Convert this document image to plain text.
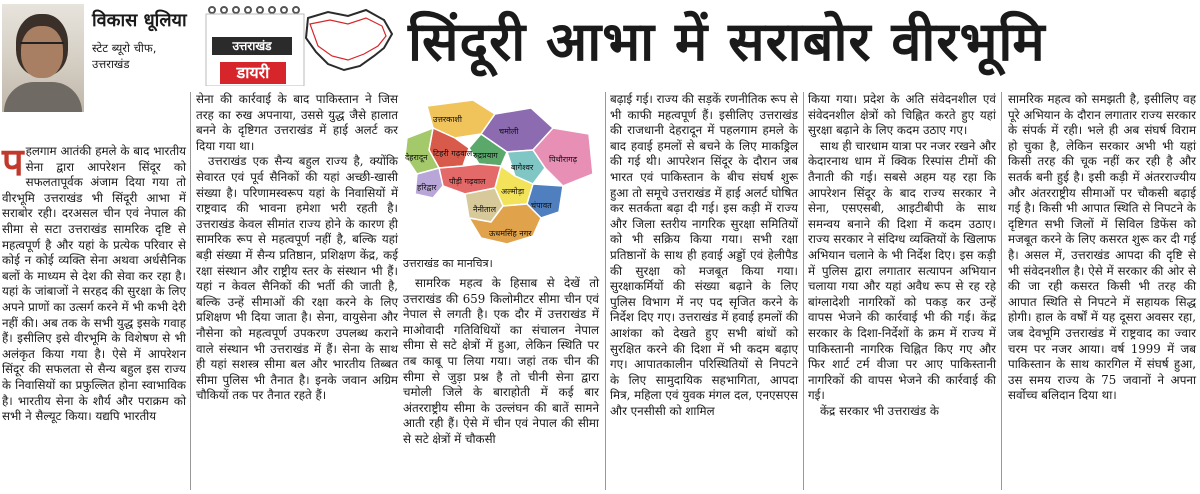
विकास धूलिया
स्टेट ब्यूरो चीफ,
उत्तराखंड
उत्तराखंड
डायरी	सिंदूरी आभा में सराबोर वीरभूमि
प हलगाम आतंकी हमले के बाद भारतीय सेना द्वारा आपरेशन सिंदूर को सफलतापूर्वक अंजाम दिया गया तो वीरभूमि उत्तराखंड भी सिंदूरी आभा में सराबोर रही। दरअसल चीन एवं नेपाल की सीमा से सटा उत्तराखंड सामरिक दृष्टि से महत्वपूर्ण है और यहां के प्रत्येक परिवार से कोई न कोई व्यक्ति सेना अथवा अर्धसैनिक बलों के माध्यम से देश की सेवा कर रहा है। यहां के जांबाजों ने सरहद की सुरक्षा के लिए अपने प्राणों का उत्सर्ग करने में भी कभी देरी नहीं की। अब तक के सभी युद्ध इसके गवाह हैं। इसीलिए इसे वीरभूमि के विशेषण से भी अलंकृत किया गया है। ऐसे में आपरेशन सिंदूर की सफलता से सैन्य बहुल इस राज्य के निवासियों का प्रफुल्लित होना स्वाभाविक है। भारतीय सेना के शौर्य और पराक्रम को सभी ने सैल्यूट किया। यद्यपि भारतीय

सेना की कार्रवाई के बाद पाकिस्तान ने जिस तरह का रुख अपनाया, उससे युद्ध जैसे हालात बनने के दृष्टिगत उत्तराखंड में हाई अलर्ट कर दिया गया था।

उत्तराखंड एक सैन्य बहुल राज्य है, क्योंकि सेवारत एवं पूर्व सैनिकों की यहां अच्छी-खासी संख्या है। परिणामस्वरूप यहां के निवासियों में राष्ट्रवाद की भावना हमेशा भरी रहती है। उत्तराखंड केवल सीमांत राज्य होने के कारण ही सामरिक रूप से महत्वपूर्ण नहीं है, बल्कि यहां बड़ी संख्या में सैन्य प्रतिष्ठान, प्रशिक्षण केंद्र, कई रक्षा संस्थान और राष्ट्रीय स्तर के संस्थान भी हैं। यहां न केवल सैनिकों की भर्ती की जाती है, बल्कि उन्हें सीमाओं की रक्षा करने के लिए प्रशिक्षण भी दिया जाता है। सेना, वायुसेना और नौसेना को महत्वपूर्ण उपकरण उपलब्ध कराने वाले संस्थान भी उत्तराखंड में हैं। सेना के साथ ही यहां सशस्त्र सीमा बल और भारतीय तिब्बत सीमा पुलिस भी तैनात है। इनके जवान अग्रिम चौकियों तक पर तैनात रहते हैं।

उत्तरकाशी
चमोली
पिथौरागढ़
बागेश्वर
रुद्रप्रयाग
टिहरी गढ़वाल
देहरादून
पौड़ी गढ़वाल
अल्मोड़ा
हरिद्वार
नैनीताल	चंपावत
ऊधमसिंह नगर
उत्तराखंड का मानचित्र।

सामरिक महत्व के हिसाब से देखें तो उत्तराखंड की 659 किलोमीटर सीमा चीन एवं नेपाल से लगती है। एक दौर में उत्तराखंड में माओवादी गतिविधियों का संचालन नेपाल सीमा से सटे क्षेत्रों में हुआ, लेकिन स्थिति पर तब काबू पा लिया गया। जहां तक चीन की सीमा से जुड़ा प्रश्न है तो चीनी सेना द्वारा चमोली जिले के बाराहोती में कई बार अंतरराष्ट्रीय सीमा के उल्लंघन की बातें सामने आती रही हैं। ऐसे में चीन एवं नेपाल की सीमा से सटे क्षेत्रों में चौकसी

बढ़ाई गई। राज्य की सड़कें रणनीतिक रूप से भी काफी महत्वपूर्ण हैं। इसीलिए उत्तराखंड की राजधानी देहरादून में पहलगाम हमले के बाद हवाई हमलों से बचने के लिए माकड्रिल की गई थी। आपरेशन सिंदूर के दौरान जब भारत एवं पाकिस्तान के बीच संघर्ष शुरू हुआ तो समूचे उत्तराखंड में हाई अलर्ट घोषित कर सतर्कता बढ़ा दी गई। इस कड़ी में राज्य और जिला स्तरीय नागरिक सुरक्षा समितियों को भी सक्रिय किया गया। सभी रक्षा प्रतिष्ठानों के साथ ही हवाई अड्डों एवं हेलीपैड की सुरक्षा को मजबूत किया गया। सुरक्षाकर्मियों की संख्या बढ़ाने के लिए पुलिस विभाग में नए पद सृजित करने के निर्देश दिए गए। उत्तराखंड में हवाई हमलों की आशंका को देखते हुए सभी बांधों को सुरक्षित करने की दिशा में भी कदम बढ़ाए गए। आपातकालीन परिस्थितियों से निपटने के लिए सामुदायिक सहभागिता, आपदा मित्र, महिला एवं युवक मंगल दल, एनएसएस और एनसीसी को शामिल

किया गया। प्रदेश के अति संवेदनशील एवं संवेदनशील क्षेत्रों को चिह्नित करते हुए यहां सुरक्षा बढ़ाने के लिए कदम उठाए गए।

साथ ही चारधाम यात्रा पर नजर रखने और केदारनाथ धाम में क्विक रिस्पांस टीमों की तैनाती की गई। सबसे अहम यह रहा कि आपरेशन सिंदूर के बाद राज्य सरकार ने सेना, एसएसबी, आइटीबीपी के साथ समन्वय बनाने की दिशा में कदम उठाए। राज्य सरकार ने संदिग्ध व्यक्तियों के खिलाफ अभियान चलाने के भी निर्देश दिए। इस कड़ी में पुलिस द्वारा लगातार सत्यापन अभियान चलाया गया और यहां अवैध रूप से रह रहे बांग्लादेशी नागरिकों को पकड़ कर उन्हें वापस भेजने की कार्रवाई भी की गई। केंद्र सरकार के दिशा-निर्देशों के क्रम में राज्य में पाकिस्तानी नागरिक चिह्नित किए गए और फिर शार्ट टर्म वीजा पर आए पाकिस्तानी नागरिकों की वापस भेजने की कार्रवाई की गई।

केंद्र सरकार भी उत्तराखंड के

सामरिक महत्व को समझती है, इसीलिए वह पूरे अभियान के दौरान लगातार राज्य सरकार के संपर्क में रही। भले ही अब संघर्ष विराम हो चुका है, लेकिन सरकार अभी भी यहां किसी तरह की चूक नहीं कर रही है और सतर्क बनी हुई है। इसी कड़ी में अंतरराज्यीय और अंतरराष्ट्रीय सीमाओं पर चौकसी बढ़ाई गई है। किसी भी आपात स्थिति से निपटने के दृष्टिगत सभी जिलों में सिविल डिफेंस को मजबूत करने के लिए कसरत शुरू कर दी गई है। असल में, उत्तराखंड आपदा की दृष्टि से भी संवेदनशील है। ऐसे में सरकार की ओर से की जा रही कसरत किसी भी तरह की आपात स्थिति से निपटने में सहायक सिद्ध होगी। हाल के वर्षों में यह दूसरा अवसर रहा, जब देवभूमि उत्तराखंड में राष्ट्रवाद का ज्वार चरम पर नजर आया। वर्ष 1999 में जब पाकिस्तान के साथ कारगिल में संघर्ष हुआ, उस समय राज्य के 75 जवानों ने अपना सर्वोच्च बलिदान दिया था।
